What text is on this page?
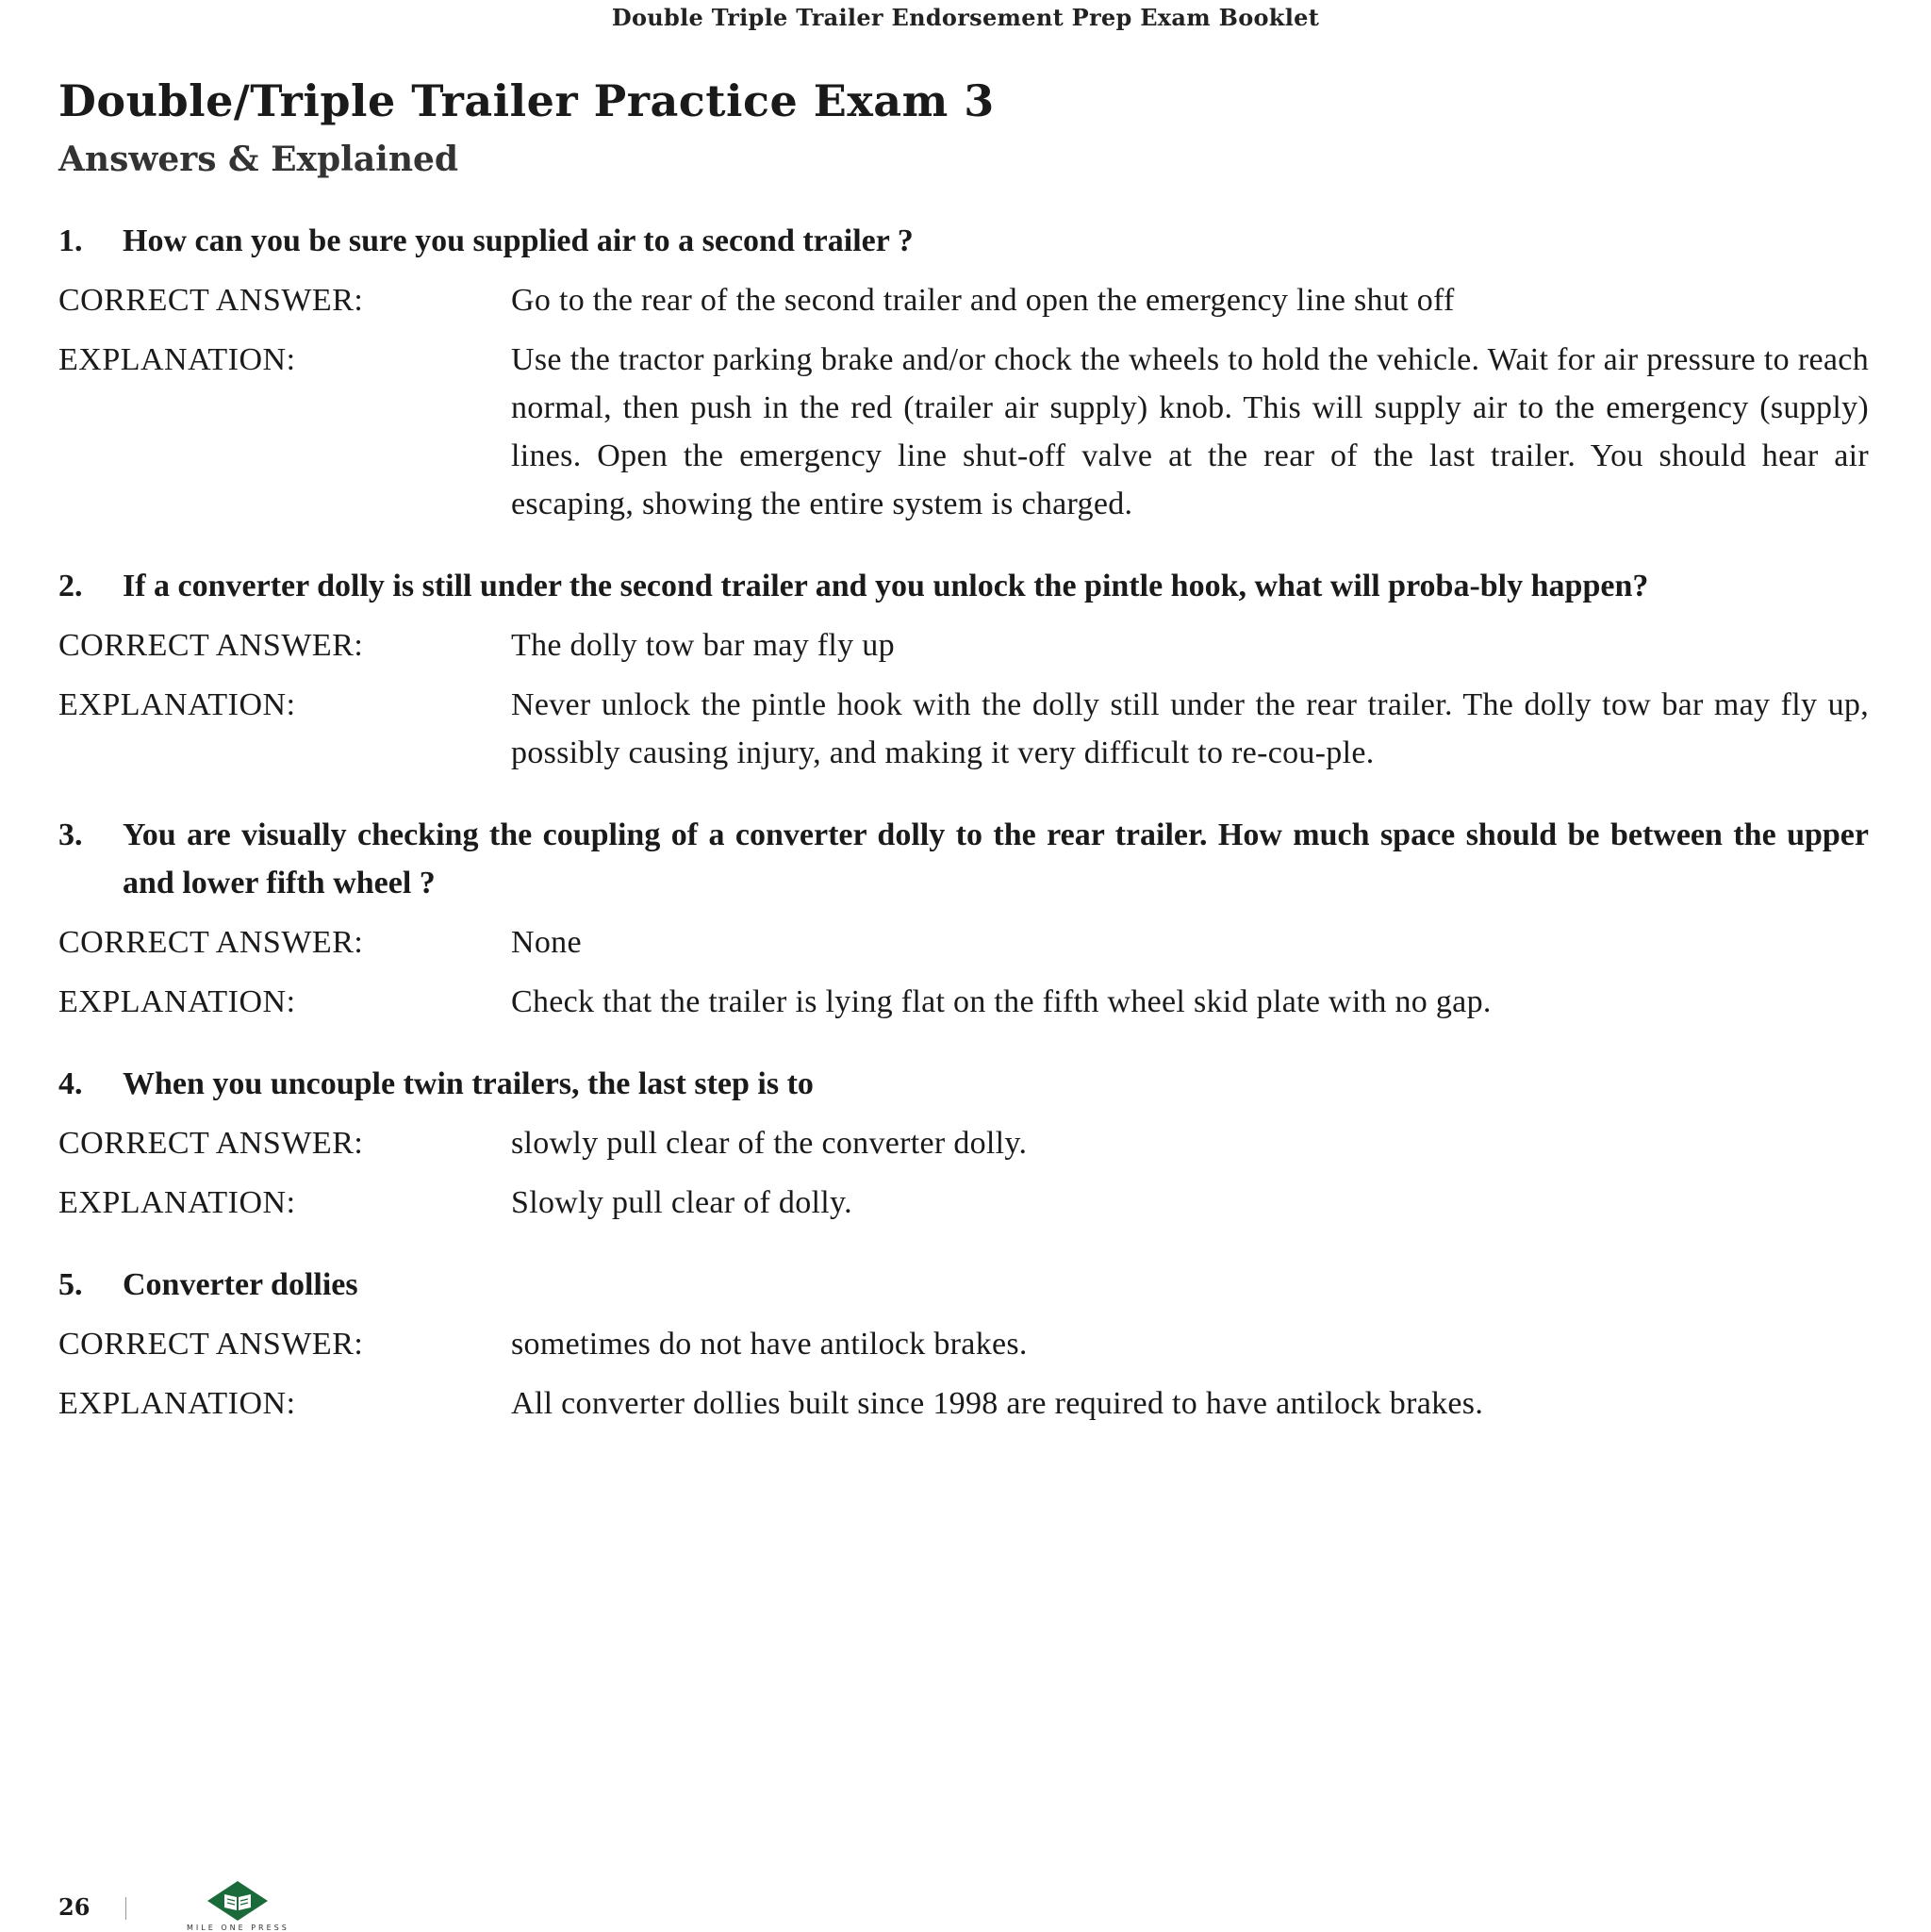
Double Triple Trailer Endorsement Prep Exam Booklet
Double/Triple Trailer Practice Exam 3
Answers & Explained
1. How can you be sure you supplied air to a second trailer ?
CORRECT ANSWER:	Go to the rear of the second trailer and open the emergency line shut off
EXPLANATION:	Use the tractor parking brake and/or chock the wheels to hold the vehicle. Wait for air pressure to reach normal, then push in the red (trailer air supply) knob. This will supply air to the emergency (supply) lines. Open the emergency line shut-off valve at the rear of the last trailer. You should hear air escaping, showing the entire system is charged.
2. If a converter dolly is still under the second trailer and you unlock the pintle hook, what will proba-bly happen?
CORRECT ANSWER:	The dolly tow bar may fly up
EXPLANATION:	Never unlock the pintle hook with the dolly still under the rear trailer. The dolly tow bar may fly up, possibly causing injury, and making it very difficult to re-cou-ple.
3. You are visually checking the coupling of a converter dolly to the rear trailer. How much space should be between the upper and lower fifth wheel ?
CORRECT ANSWER:	None
EXPLANATION:	Check that the trailer is lying flat on the fifth wheel skid plate with no gap.
4. When you uncouple twin trailers, the last step is to
CORRECT ANSWER:	slowly pull clear of the converter dolly.
EXPLANATION:	Slowly pull clear of dolly.
5. Converter dollies
CORRECT ANSWER:	sometimes do not have antilock brakes.
EXPLANATION:	All converter dollies built since 1998 are required to have antilock brakes.
26
MILE ONE PRESS
